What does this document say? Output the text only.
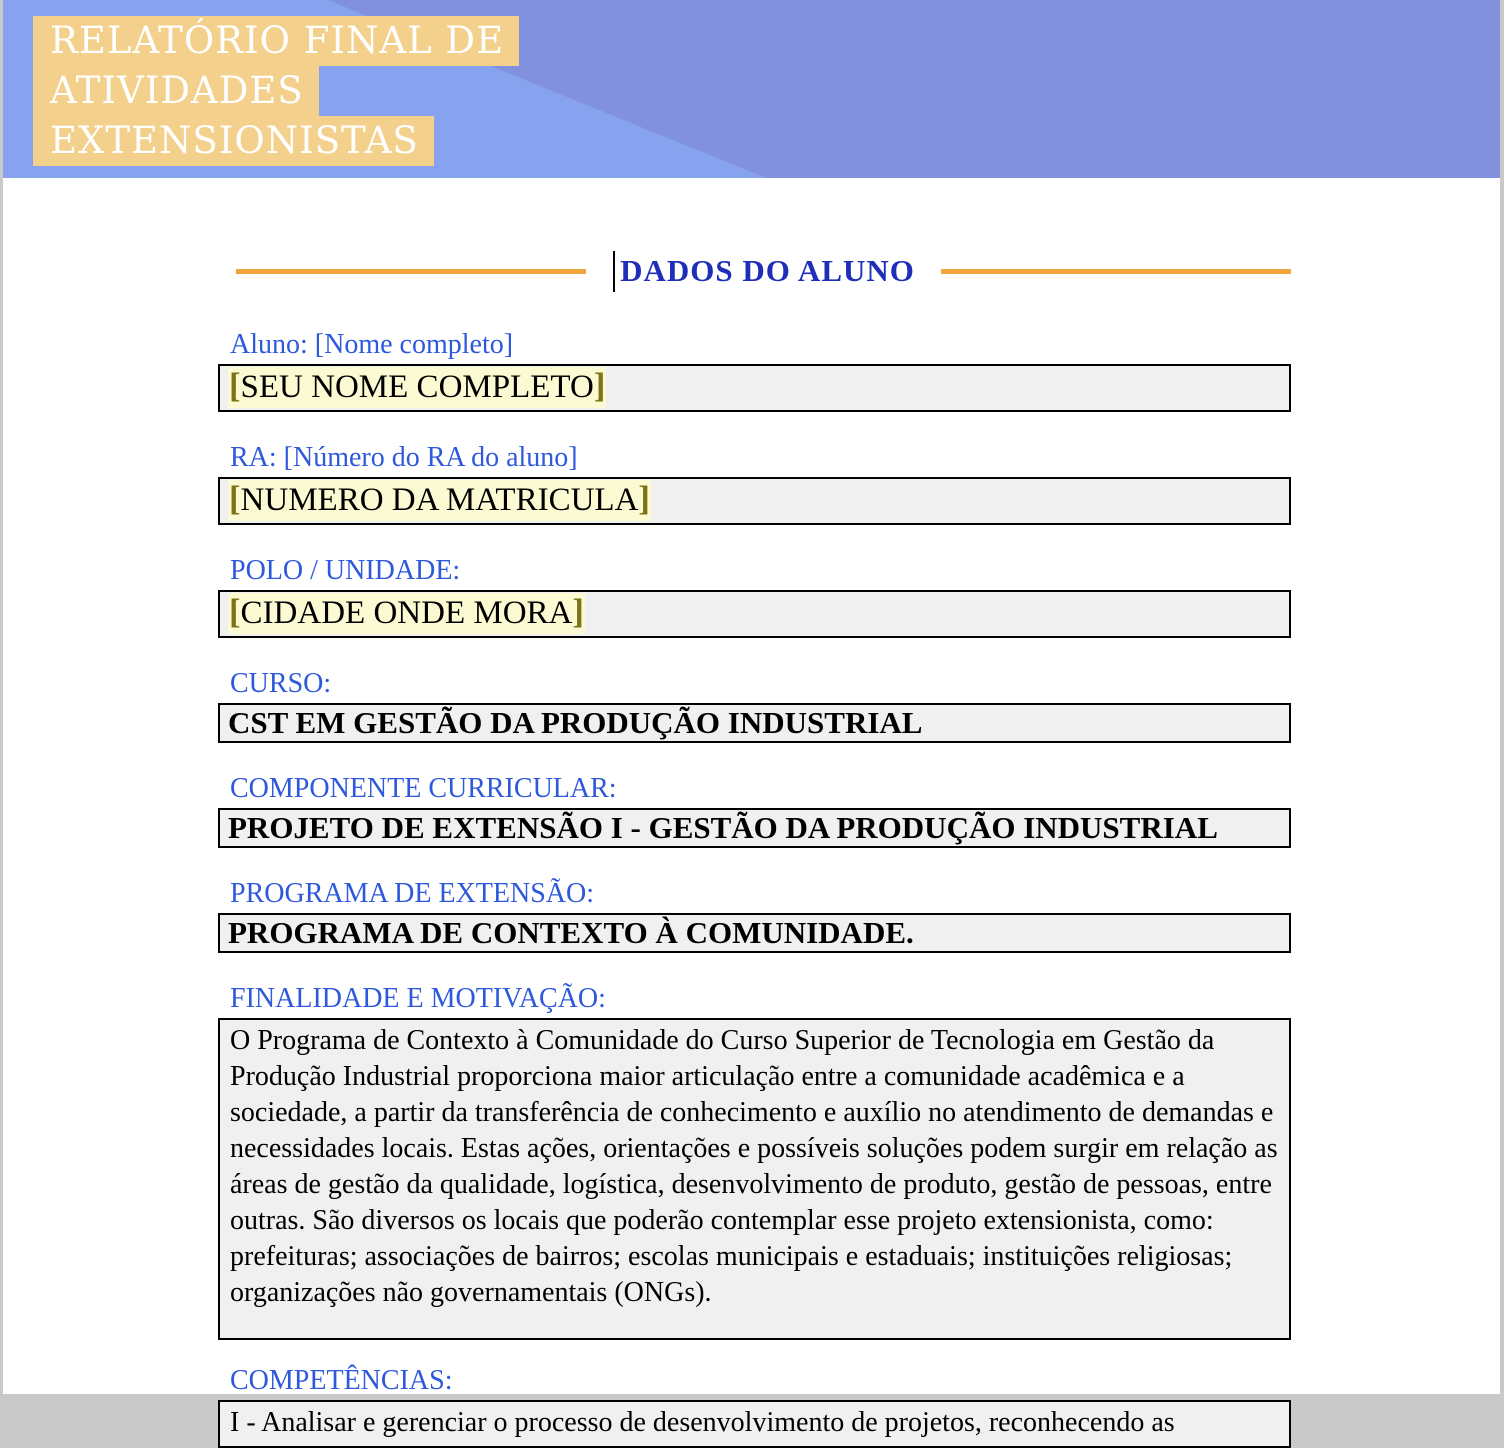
RELATÓRIO FINAL DE
ATIVIDADES
EXTENSIONISTAS
DADOS DO ALUNO
Aluno: [Nome completo]
[SEU NOME COMPLETO]
RA: [Número do RA do aluno]
[NUMERO DA MATRICULA]
POLO / UNIDADE:
[CIDADE ONDE MORA]
CURSO:
CST EM GESTÃO DA PRODUÇÃO INDUSTRIAL
COMPONENTE CURRICULAR:
PROJETO DE EXTENSÃO I - GESTÃO DA PRODUÇÃO INDUSTRIAL
PROGRAMA DE EXTENSÃO:
PROGRAMA DE CONTEXTO À COMUNIDADE.
FINALIDADE E MOTIVAÇÃO:
O Programa de Contexto à Comunidade do Curso Superior de Tecnologia em Gestão da Produção Industrial proporciona maior articulação entre a comunidade acadêmica e a sociedade, a partir da transferência de conhecimento e auxílio no atendimento de demandas e necessidades locais. Estas ações, orientações e possíveis soluções podem surgir em relação as áreas de gestão da qualidade, logística, desenvolvimento de produto, gestão de pessoas, entre outras. São diversos os locais que poderão contemplar esse projeto extensionista, como: prefeituras; associações de bairros; escolas municipais e estaduais; instituições religiosas; organizações não governamentais (ONGs).
COMPETÊNCIAS:
I - Analisar e gerenciar o processo de desenvolvimento de projetos, reconhecendo as
